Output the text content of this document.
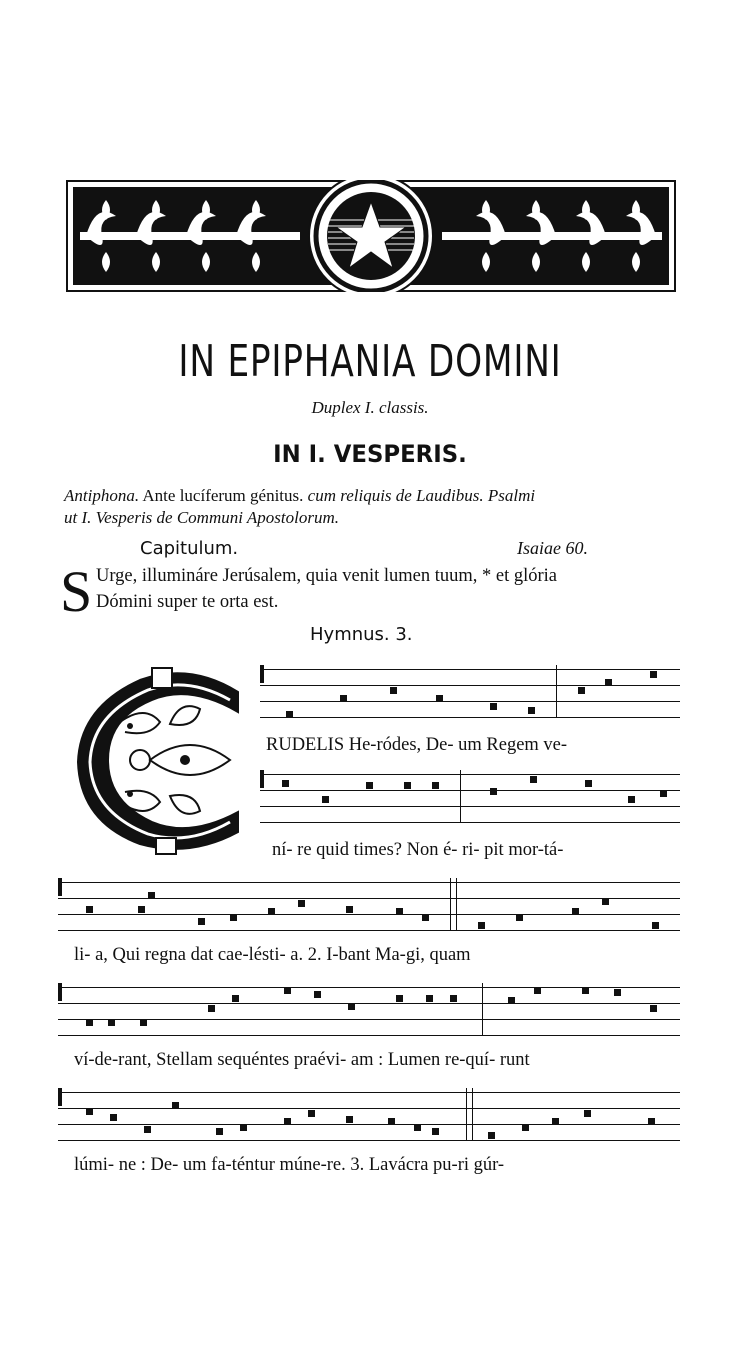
IN EPIPHANIA DOMINI
Duplex I. classis.
IN I. VESPERIS.
Antiphona. Ante lucíferum génitus. cum reliquis de Laudibus. Psalmi
ut I. Vesperis de Communi Apostolorum.
Capitulum.	Isaiae 60.
S Urge, illumináre Jerúsalem, quia venit lumen tuum, * et glória
Dómini super te orta est.
Hymnus. 3.
RUDELIS He-ródes, De- um Regem ve-
ní- re quid times? Non é- ri- pit mor-tá-
li- a, Qui regna dat cae-lésti- a. 2. I-bant Ma-gi, quam
ví-de-rant, Stellam sequéntes praévi- am : Lumen re-quí- runt
lúmi- ne : De- um fa-téntur múne-re. 3. Lavácra pu-ri gúr-
